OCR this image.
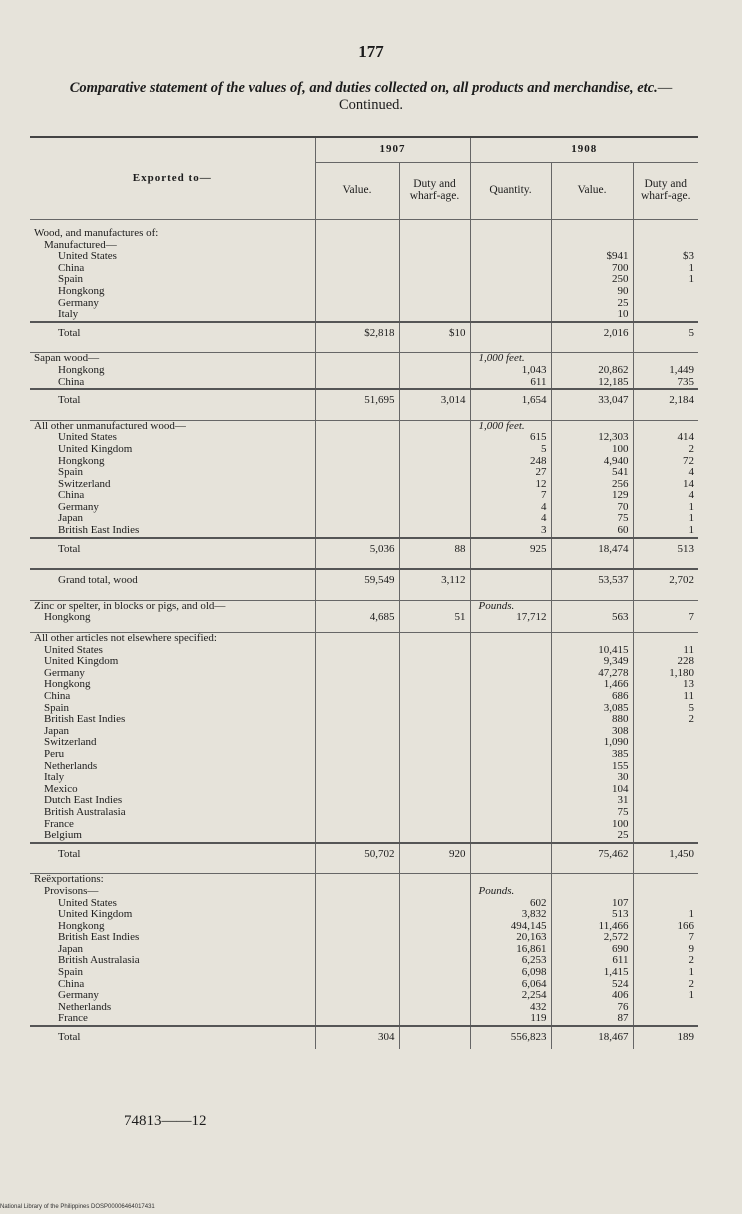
177
Comparative statement of the values of, and duties collected on, all products and merchandise, etc.—Continued.
Exported to—	1907		1908		
	Value.	Duty and wharf-age.	Quantity.	Value.	Duty and wharf-age.

Wood, and manufactures of:					

Manufactured—					

United States				$941	$3

China				700	1

Spain				250	1

Hongkong				90	

Germany				25	

Italy				10	

Total	$2,818	$10		2,016	5

Sapan wood—			1,000 feet.		

Hongkong			1,043	20,862	1,449

China			611	12,185	735

Total	51,695	3,014	1,654	33,047	2,184

All other unmanufactured wood—			1,000 feet.		

United States			615	12,303	414

United Kingdom			5	100	2

Hongkong			248	4,940	72

Spain			27	541	4

Switzerland			12	256	14

China			7	129	4

Germany			4	70	1

Japan			4	75	1

British East Indies			3	60	1

Total	5,036	88	925	18,474	513

Grand total, wood	59,549	3,112		53,537	2,702

Zinc or spelter, in blocks or pigs, and old—			Pounds.		

Hongkong	4,685	51	17,712	563	7

All other articles not elsewhere specified:					

United States				10,415	11

United Kingdom				9,349	228

Germany				47,278	1,180

Hongkong				1,466	13

China				686	11

Spain				3,085	5

British East Indies				880	2

Japan				308	

Switzerland				1,090	

Peru				385	

Netherlands				155	

Italy				30	

Mexico				104	

Dutch East Indies				31	

British Australasia				75	

France				100	

Belgium				25	

Total	50,702	920		75,462	1,450

Reëxportations:					

Provisons—			Pounds.		

United States			602	107	

United Kingdom			3,832	513	1

Hongkong			494,145	11,466	166

British East Indies			20,163	2,572	7

Japan			16,861	690	9

British Australasia			6,253	611	2

Spain			6,098	1,415	1

China			6,064	524	2

Germany			2,254	406	1

Netherlands			432	76	

France			119	87	

Total	304		556,823	18,467	189
74813——12
National Library of the Philippines DOSP00006464017431
